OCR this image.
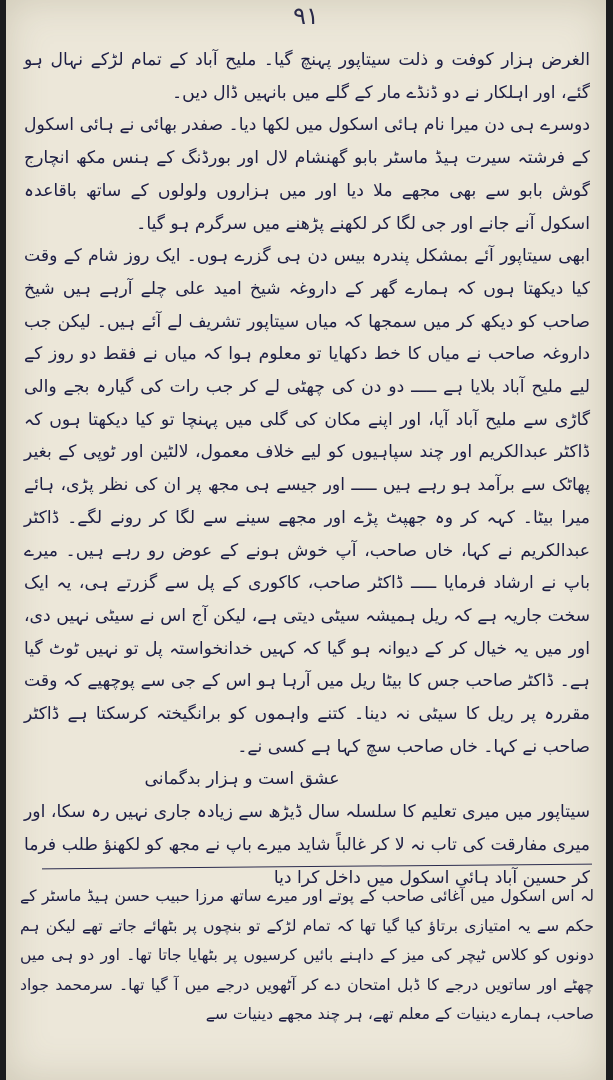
٩١

الغرض ہزار کوفت و ذلت سیتاپور پہنچ گیا۔ ملیح آباد کے تمام لڑکے نہال ہو گئے، اور اہلکار نے دو ڈنڈے مار کے گلے میں بانہیں ڈال دیں۔

دوسرے ہی دن میرا نام ہائی اسکول میں لکھا دیا۔ صفدر بھائی نے ہائی اسکول کے فرشتہ سیرت ہیڈ ماسٹر بابو گھنشام لال اور بورڈنگ کے ہنس مکھ انچارج گوش بابو سے بھی مجھے ملا دیا اور میں ہزاروں ولولوں کے ساتھ باقاعدہ اسکول آنے جانے اور جی لگا کر لکھنے پڑھنے میں سرگرم ہو گیا۔

ابھی سیتاپور آئے بمشکل پندرہ بیس دن ہی گزرے ہوں۔ ایک روز شام کے وقت کیا دیکھتا ہوں کہ ہمارے گھر کے داروغہ شیخ امید علی چلے آرہے ہیں شیخ صاحب کو دیکھ کر میں سمجھا کہ میاں سیتاپور تشریف لے آئے ہیں۔ لیکن جب داروغہ صاحب نے میاں کا خط دکھایا تو معلوم ہوا کہ میاں نے فقط دو روز کے لیے ملیح آباد بلایا ہے ـــــ دو دن کی چھٹی لے کر جب رات کی گیارہ بجے والی گاڑی سے ملیح آباد آیا، اور اپنے مکان کی گلی میں پہنچا تو کیا دیکھتا ہوں کہ ڈاکٹر عبدالکریم اور چند سپاہیوں کو لیے خلاف معمول، لالٹین اور ٹوپی کے بغیر پھاٹک سے برآمد ہو رہے ہیں ـــــ اور جیسے ہی مجھ پر ان کی نظر پڑی، ہائے میرا بیٹا۔ کہہ کر وہ جھپٹ پڑے اور مجھے سینے سے لگا کر رونے لگے۔ ڈاکٹر عبدالکریم نے کہا، خاں صاحب، آپ خوش ہونے کے عوض رو رہے ہیں۔ میرے باپ نے ارشاد فرمایا ـــــ ڈاکٹر صاحب، کاکوری کے پل سے گزرتے ہی، یہ ایک سخت جاریہ ہے کہ ریل ہمیشہ سیٹی دیتی ہے، لیکن آج اس نے سیٹی نہیں دی، اور میں یہ خیال کر کے دیوانہ ہو گیا کہ کہیں خدانخواستہ پل تو نہیں ٹوٹ گیا ہے۔ ڈاکٹر صاحب جس کا بیٹا ریل میں آرہا ہو اس کے جی سے پوچھیے کہ وقت مقررہ پر ریل کا سیٹی نہ دینا۔ کتنے واہموں کو برانگیختہ کرسکتا ہے ڈاکٹر صاحب نے کہا۔ خاں صاحب سچ کہا ہے کسی نے۔

عشق است و ہزار بدگمانی

سیتاپور میں میری تعلیم کا سلسلہ سال ڈیڑھ سے زیادہ جاری نہیں رہ سکا، اور میری مفارقت کی تاب نہ لا کر غالباً شاید میرے باپ نے مجھ کو لکھنؤ طلب فرما کر حسین آباد ہائی اسکول میں داخل کرا دیا

لہ اس اسکول میں آغائی صاحب کے پوتے اور میرے ساتھ مرزا حبیب حسن ہیڈ ماسٹر کے حکم سے یہ امتیازی برتاؤ کیا گیا تھا کہ تمام لڑکے تو بنچوں پر بٹھائے جاتے تھے لیکن ہم دونوں کو کلاس ٹیچر کی میز کے داہنے بائیں کرسیوں پر بٹھایا جاتا تھا۔ اور دو ہی میں چھٹے اور ساتویں درجے کا ڈبل امتحان دے کر آٹھویں درجے میں آ گیا تھا۔ سرمحمد جواد صاحب، ہمارے دینیات کے معلم تھے، ہر چند مجھے دینیات سے
